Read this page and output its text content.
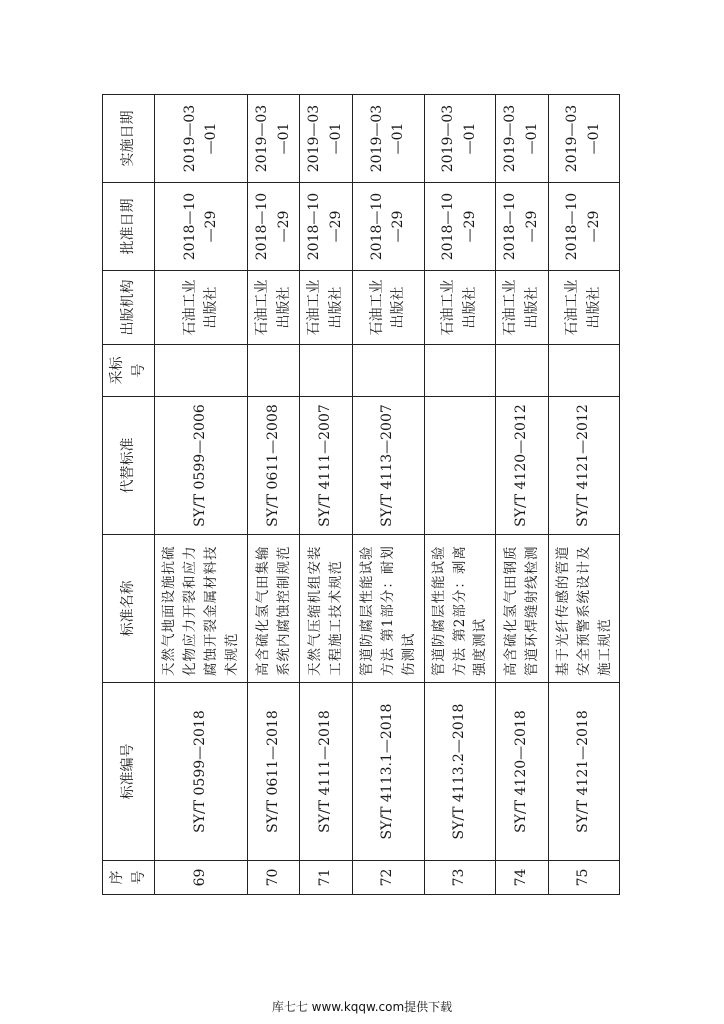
序号	标准编号	标准名称	代替标准	采标号	出版机构	批准日期	实施日期
69	SY/T 0599—2018	天然气地面设施抗硫化物应力开裂和应力腐蚀开裂金属材料技术规范	SY/T 0599—2006		石油工业出版社	2018—10—29	2019—03—01
70	SY/T 0611—2018	高含硫化氢气田集输系统内腐蚀控制规范	SY/T 0611—2008		石油工业出版社	2018—10—29	2019—03—01
71	SY/T 4111—2018	天然气压缩机组安装工程施工技术规范	SY/T 4111—2007		石油工业出版社	2018—10—29	2019—03—01
72	SY/T 4113.1—2018	管道防腐层性能试验方法 第1部分：耐划伤测试	SY/T 4113—2007		石油工业出版社	2018—10—29	2019—03—01
73	SY/T 4113.2—2018	管道防腐层性能试验方法 第2部分：剥离强度测试			石油工业出版社	2018—10—29	2019—03—01
74	SY/T 4120—2018	高含硫化氢气田钢质管道环焊缝射线检测	SY/T 4120—2012		石油工业出版社	2018—10—29	2019—03—01
75	SY/T 4121—2018	基于光纤传感的管道安全预警系统设计及施工规范	SY/T 4121—2012		石油工业出版社	2018—10—29	2019—03—01
库七七 www.kqqw.com提供下载
